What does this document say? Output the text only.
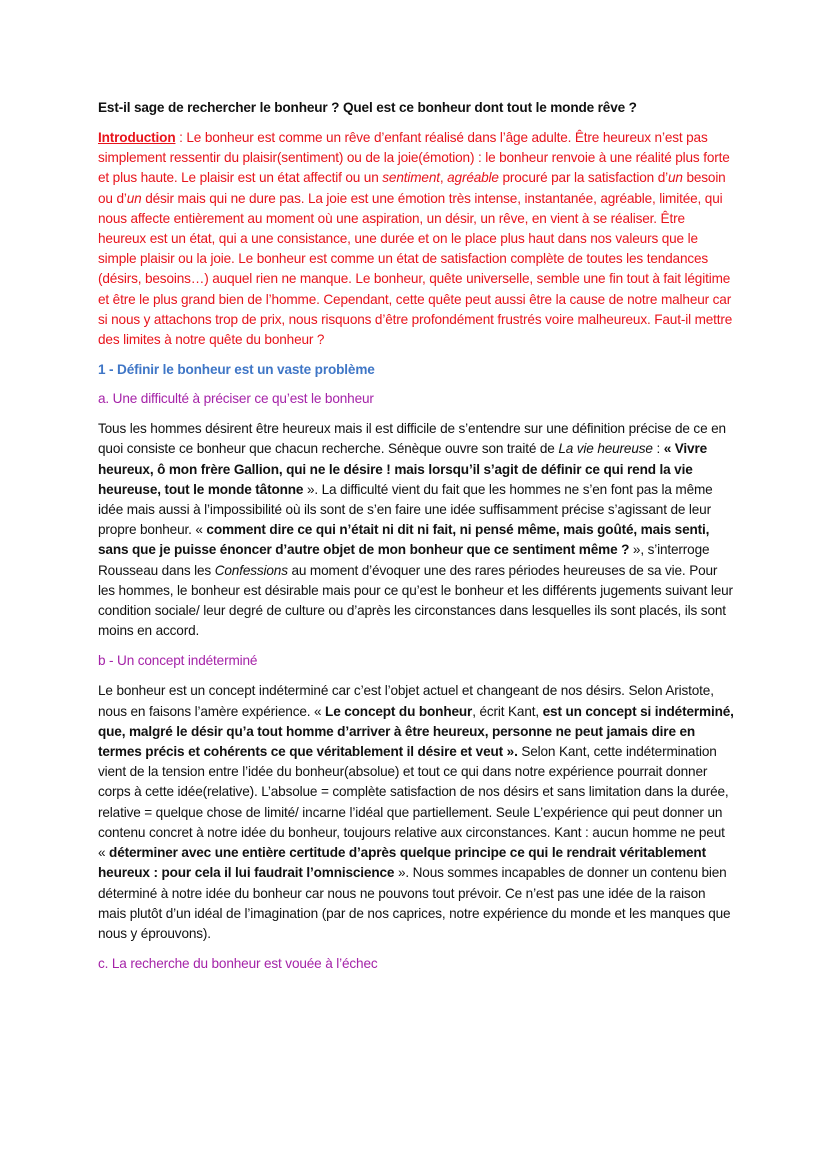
Est-il sage de rechercher le bonheur ? Quel est ce bonheur dont tout le monde rêve ?

Introduction : Le bonheur est comme un rêve d’enfant réalisé dans l’âge adulte. Être heureux n’est pas simplement ressentir du plaisir(sentiment) ou de la joie(émotion) : le bonheur renvoie à une réalité plus forte et plus haute. Le plaisir est un état affectif ou un sentiment, agréable procuré par la satisfaction d’un besoin ou d’un désir mais qui ne dure pas. La joie est une émotion très intense, instantanée, agréable, limitée, qui nous affecte entièrement au moment où une aspiration, un désir, un rêve, en vient à se réaliser. Être heureux est un état, qui a une consistance, une durée et on le place plus haut dans nos valeurs que le simple plaisir ou la joie. Le bonheur est comme un état de satisfaction complète de toutes les tendances (désirs, besoins…) auquel rien ne manque. Le bonheur, quête universelle, semble une fin tout à fait légitime et être le plus grand bien de l’homme. Cependant, cette quête peut aussi être la cause de notre malheur car si nous y attachons trop de prix, nous risquons d’être profondément frustrés voire malheureux. Faut-il mettre des limites à notre quête du bonheur ?

1 - Définir le bonheur est un vaste problème

a. Une difficulté à préciser ce qu’est le bonheur

Tous les hommes désirent être heureux mais il est difficile de s’entendre sur une définition précise de ce en quoi consiste ce bonheur que chacun recherche. Sénèque ouvre son traité de La vie heureuse : « Vivre heureux, ô mon frère Gallion, qui ne le désire ! mais lorsqu’il s’agit de définir ce qui rend la vie heureuse, tout le monde tâtonne ». La difficulté vient du fait que les hommes ne s’en font pas la même idée mais aussi à l’impossibilité où ils sont de s’en faire une idée suffisamment précise s’agissant de leur propre bonheur. « comment dire ce qui n’était ni dit ni fait, ni pensé même, mais goûté, mais senti, sans que je puisse énoncer d’autre objet de mon bonheur que ce sentiment même ? », s’interroge Rousseau dans les Confessions au moment d’évoquer une des rares périodes heureuses de sa vie. Pour les hommes, le bonheur est désirable mais pour ce qu’est le bonheur et les différents jugements suivant leur condition sociale/ leur degré de culture ou d’après les circonstances dans lesquelles ils sont placés, ils sont moins en accord.

b - Un concept indéterminé

Le bonheur est un concept indéterminé car c’est l’objet actuel et changeant de nos désirs. Selon Aristote, nous en faisons l’amère expérience. « Le concept du bonheur, écrit Kant, est un concept si indéterminé, que, malgré le désir qu’a tout homme d’arriver à être heureux, personne ne peut jamais dire en termes précis et cohérents ce que véritablement il désire et veut ». Selon Kant, cette indétermination vient de la tension entre l’idée du bonheur(absolue) et tout ce qui dans notre expérience pourrait donner corps à cette idée(relative). L’absolue = complète satisfaction de nos désirs et sans limitation dans la durée, relative = quelque chose de limité/ incarne l’idéal que partiellement. Seule L’expérience qui peut donner un contenu concret à notre idée du bonheur, toujours relative aux circonstances. Kant : aucun homme ne peut « déterminer avec une entière certitude d’après quelque principe ce qui le rendrait véritablement heureux : pour cela il lui faudrait l’omniscience ». Nous sommes incapables de donner un contenu bien déterminé à notre idée du bonheur car nous ne pouvons tout prévoir. Ce n’est pas une idée de la raison mais plutôt d’un idéal de l’imagination (par de nos caprices, notre expérience du monde et les manques que nous y éprouvons).

c. La recherche du bonheur est vouée à l’échec
